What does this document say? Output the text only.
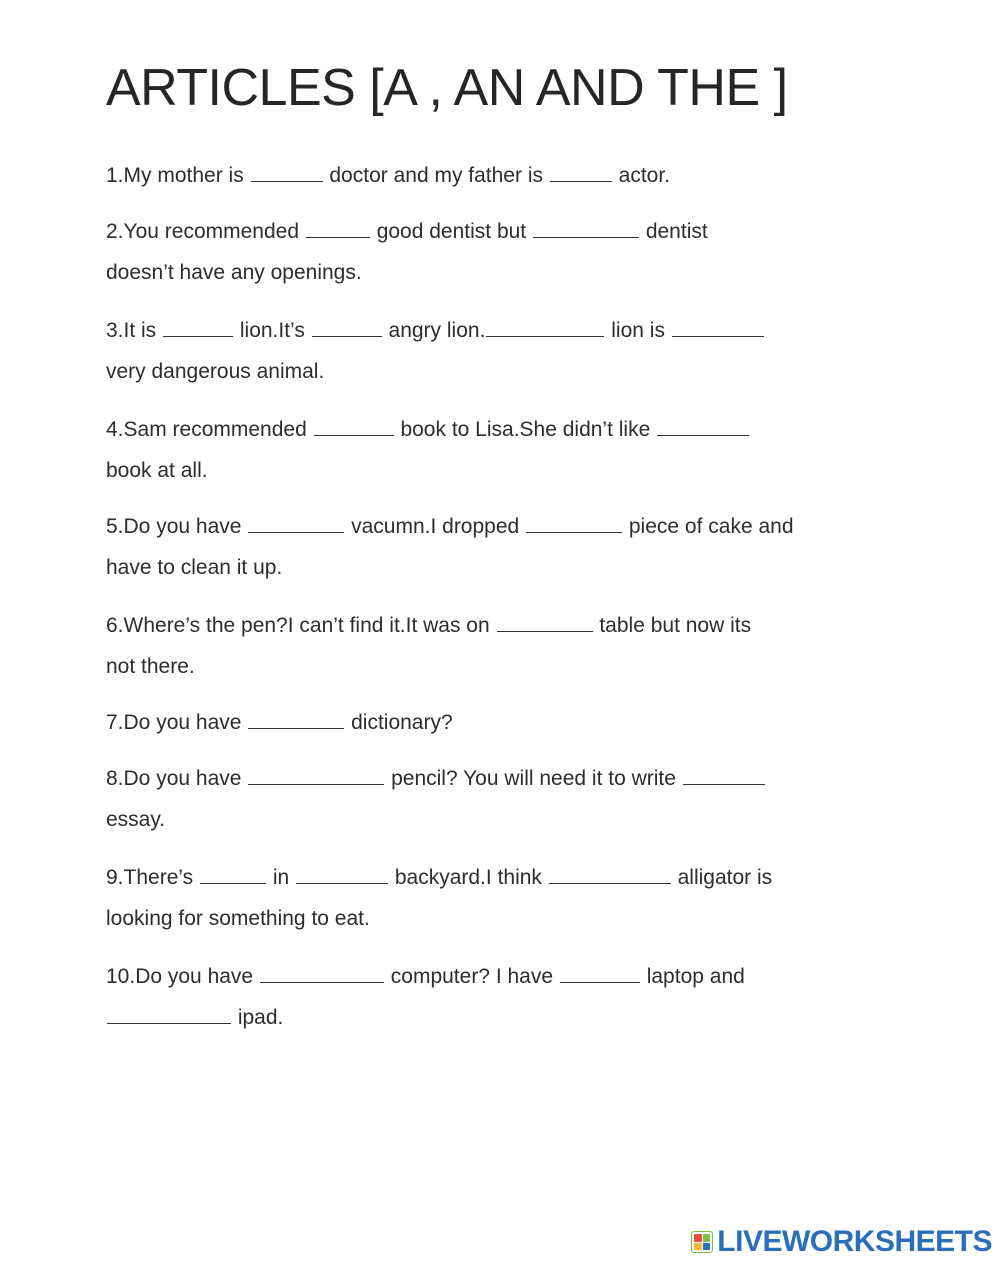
ARTICLES [A , AN AND THE ]
1.My mother is	doctor and my father is	actor.
2.You recommended	good dentist but	dentist
doesn’t have any openings.
3.It is	lion.It’s	angry lion.	lion is
very dangerous animal.
4.Sam recommended	book to Lisa.She didn’t like
book at all.
5.Do you have	vacumn.I dropped	piece of cake and
have to clean it up.
6.Where’s the pen?I can’t find it.It was on	table but now its
not there.
7.Do you have	dictionary?
8.Do you have	pencil? You will need it to write
essay.
9.There’s	in	backyard.I think	alligator is
looking for something to eat.
10.Do you have	computer? I have	laptop and
ipad.
LIVEWORKSHEETS
